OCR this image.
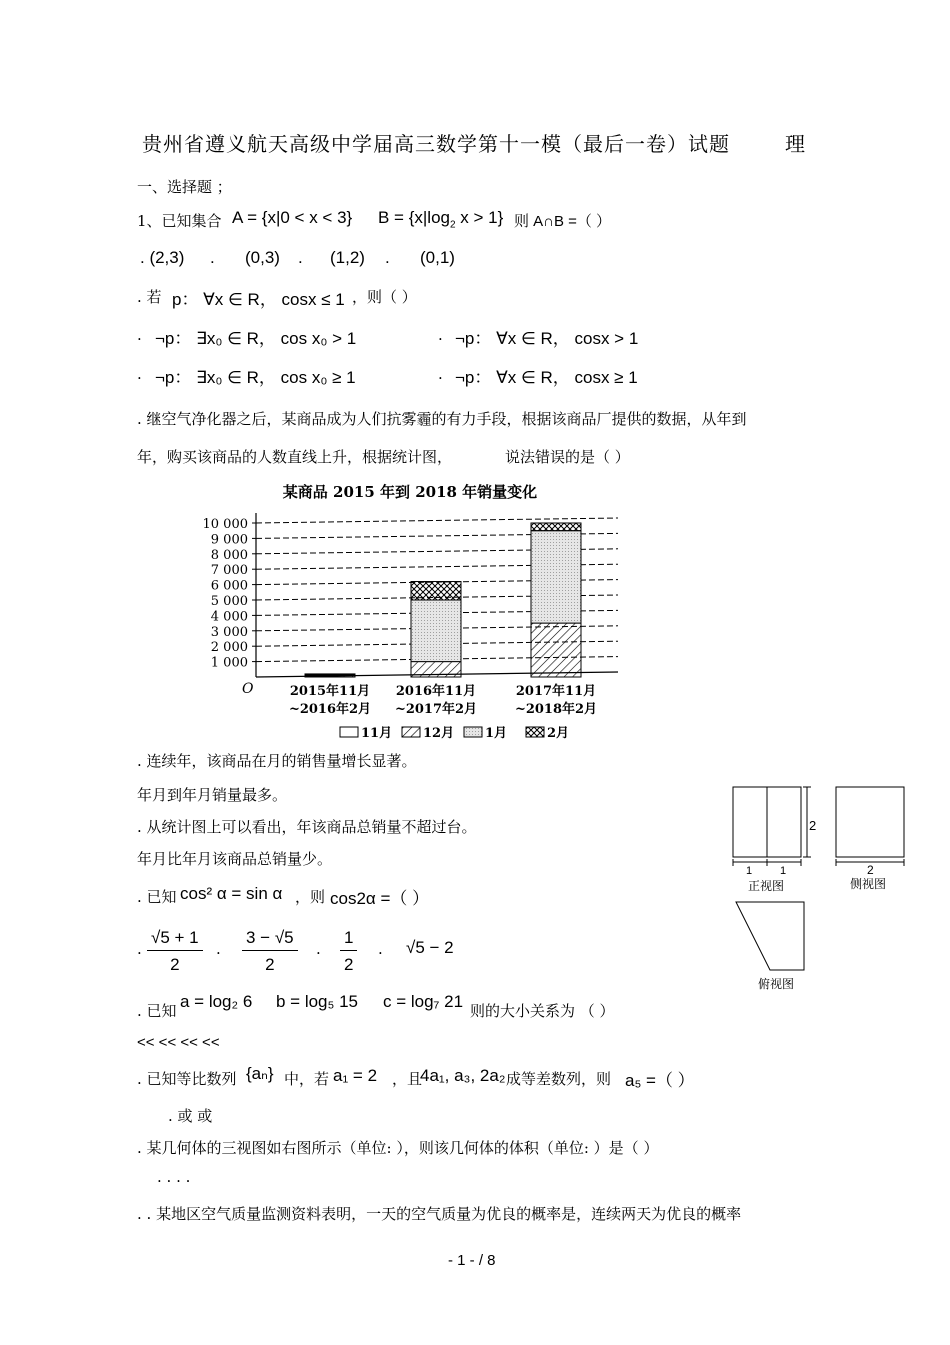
贵州省遵义航天高级中学届高三数学第十一模（最后一卷）试题	理
一、选择题 ；
1、已知集合 A = {x|0 < x < 3} $B = \{x|\log_2$ x > 1} 则 A∩B =（ ）
. (2,3) . (0,3) . (1,2) . (0,1)
. 若 p： ∀x ∈ R， cosx ≤ 1 ，则（ ）
. ¬p： ∃x₀ ∈ R， cos x₀ > 1	. ¬p： ∀x ∈ R， cosx > 1
. ¬p： ∃x₀ ∈ R， cos x₀ ≥ 1	. ¬p： ∀x ∈ R， cosx ≥ 1
. 继空气净化器之后，某商品成为人们抗雾霾的有力手段，根据该商品厂提供的数据，从年到
年，购买该商品的人数直线上升，根据统计图，	说法错误的是（ ）
某商品 2015 年到 2018 年销量变化
10 000
9 000
8 000
7 000
6 000
5 000
4 000
3 000
2 000
1 000
2015年11月
~2016年2月
2016年11月
~2017年2月
2017年11月
~2018年2月
O
11月 12月 1月	2月
. 连续年，该商品在月的销售量增长显著。
年月到年月销量最多。
. 从统计图上可以看出，年该商品总销量不超过台。
年月比年月该商品总销量少。
1	1
2
正视图
2
侧视图
俯视图
. 已知 cos² α = sin α ，则 cos2α =（ ）
. $\frac{√5 + 1}{2}$ . $\frac{3 - √5}{2}$ . $\frac{1}{2}$ . √5 − 2
. 已知 a = log₂ 6 b = log₅ 15 c = log₇ 21 则的大小关系为 （ ）
<< << << <<
. 已知等比数列 {aₙ} 中，若 a₁ = 2 ，且
4a₁, a₃, 2a₂ 成等差数列，则 a₅ =（ ）
. 或 或
. 某几何体的三视图如右图所示（单位: ），则该几何体的体积（单位: ）是（ ）
. . . .
. . 某地区空气质量监测资料表明，一天的空气质量为优良的概率是，连续两天为优良的概率
- 1 - / 8
